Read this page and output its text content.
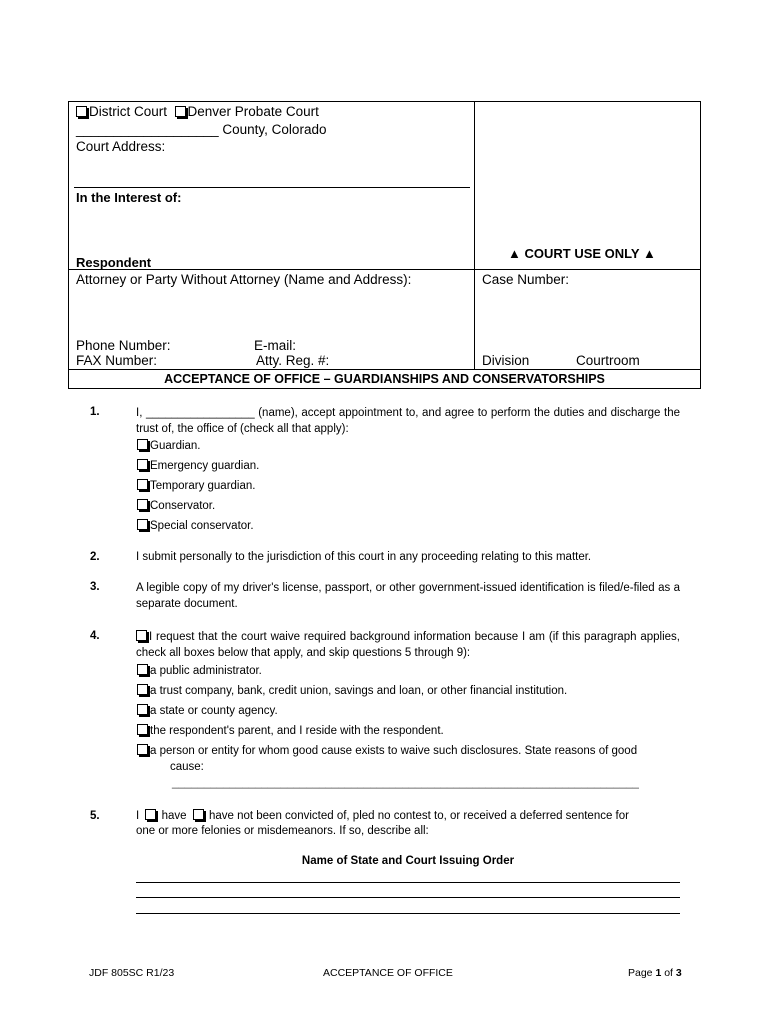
District Court Denver Probate Court
___________________ County, Colorado
Court Address:
In the Interest of:
Respondent
▲ COURT USE ONLY ▲
Attorney or Party Without Attorney (Name and Address):	Case Number:
Phone Number:	E-mail:
FAX Number:	Atty. Reg. #:	Division	Courtroom
ACCEPTANCE OF OFFICE – GUARDIANSHIPS AND CONSERVATORSHIPS
1.	I, _________________ (name), accept appointment to, and agree to perform the duties and discharge the trust of, the office of (check all that apply):
Guardian.
Emergency guardian.
Temporary guardian.
Conservator.
Special conservator.
2.	I submit personally to the jurisdiction of this court in any proceeding relating to this matter.
3.	A legible copy of my driver's license, passport, or other government-issued identification is filed/e-filed as a separate document.
4.	I request that the court waive required background information because I am (if this paragraph applies, check all boxes below that apply, and skip questions 5 through 9):
a public administrator.
a trust company, bank, credit union, savings and loan, or other financial institution.
a state or county agency.
the respondent's parent, and I reside with the respondent.
a person or entity for whom good cause exists to waive such disclosures. State reasons of good
cause:
_________________________________________________________________________
5.	I have have not been convicted of, pled no contest to, or received a deferred sentence for
one or more felonies or misdemeanors. If so, describe all:
Name of State and Court Issuing Order
JDF 805SC R1/23	ACCEPTANCE OF OFFICE	Page 1 of 3
